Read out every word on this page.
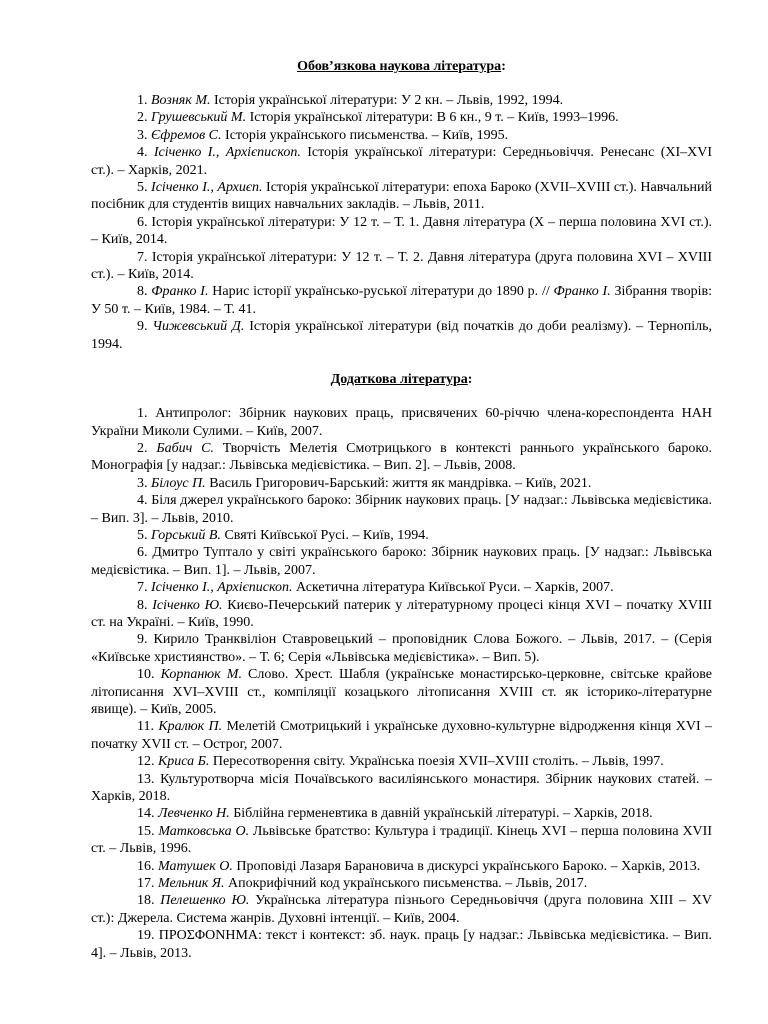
Обов’язкова наукова література:

1. Возняк М. Історія української літератури: У 2 кн. – Львів, 1992, 1994.

2. Грушевський М. Історія української літератури: В 6 кн., 9 т. – Київ, 1993–1996.

3. Єфремов С. Історія українського письменства. – Київ, 1995.

4. Ісіченко І., Архієпископ. Історія української літератури: Середньовіччя. Ренесанс (XI–XVI ст.). – Харків, 2021.

5. Ісіченко І., Архиєп. Історія української літератури: епоха Бароко (XVII–XVIII ст.). Навчальний посібник для студентів вищих навчальних закладів. – Львів, 2011.

6. Історія української літератури: У 12 т. – Т. 1. Давня література (X – перша половина XVI ст.). – Київ, 2014.

7. Історія української літератури: У 12 т. – Т. 2. Давня література (друга половина XVI – XVIII ст.). – Київ, 2014.

8. Франко І. Нарис історії українсько-руської літератури до 1890 р. // Франко І. Зібрання творів: У 50 т. – Київ, 1984. – Т. 41.

9. Чижевський Д. Історія української літератури (від початків до доби реалізму). – Тернопіль, 1994.

Додаткова література:

1. Антипролог: Збірник наукових праць, присвячених 60-річчю члена-кореспондента НАН України Миколи Сулими. – Київ, 2007.

2. Бабич С. Творчість Мелетія Смотрицького в контексті раннього українського бароко. Монографія [у надзаг.: Львівська медієвістика. – Вип. 2]. – Львів, 2008.

3. Білоус П. Василь Григорович-Барський: життя як мандрівка. – Київ, 2021.

4. Біля джерел українського бароко: Збірник наукових праць. [У надзаг.: Львівська медієвістика. – Вип. 3]. – Львів, 2010.

5. Горський В. Святі Київської Русі. – Київ, 1994.

6. Дмитро Туптало у світі українського бароко: Збірник наукових праць. [У надзаг.: Львівська медієвістика. – Вип. 1]. – Львів, 2007.

7. Ісіченко І., Архієпископ. Аскетична література Київської Руси. – Харків, 2007.

8. Ісіченко Ю. Києво-Печерський патерик у літературному процесі кінця XVI – початку XVIII ст. на Україні. – Київ, 1990.

9. Кирило Транквіліон Ставровецький – проповідник Слова Божого. – Львів, 2017. – (Серія «Київське християнство». – Т. 6; Серія «Львівська медієвістика». – Вип. 5).

10. Корпанюк М. Слово. Хрест. Шабля (українське монастирсько-церковне, світське крайове літописання XVI–XVIII ст., компіляції козацького літописання XVIII ст. як історико-літературне явище). – Київ, 2005.

11. Кралюк П. Мелетій Смотрицький і українське духовно-культурне відродження кінця XVI – початку XVII ст. – Острог, 2007.

12. Криса Б. Пересотворення світу. Українська поезія XVII–XVIII століть. – Львів, 1997.

13. Культуротворча місія Почаївського василіянського монастиря. Збірник наукових статей. – Харків, 2018.

14. Левченко Н. Біблійна герменевтика в давній українській літературі. – Харків, 2018.

15. Матковська О. Львівське братство: Культура і традиції. Кінець XVI – перша половина XVII ст. – Львів, 1996.

16. Матушек О. Проповіді Лазаря Барановича в дискурсі українського Бароко. – Харків, 2013.

17. Мельник Я. Апокрифічний код українського письменства. – Львів, 2017.

18. Пелешенко Ю. Українська література пізнього Середньовіччя (друга половина XIII – XV ст.): Джерела. Система жанрів. Духовні інтенції. – Київ, 2004.

19. ΠΡΟΣΦΟΝΗΜΑ: текст і контекст: зб. наук. праць [у надзаг.: Львівська медієвістика. – Вип. 4]. – Львів, 2013.
